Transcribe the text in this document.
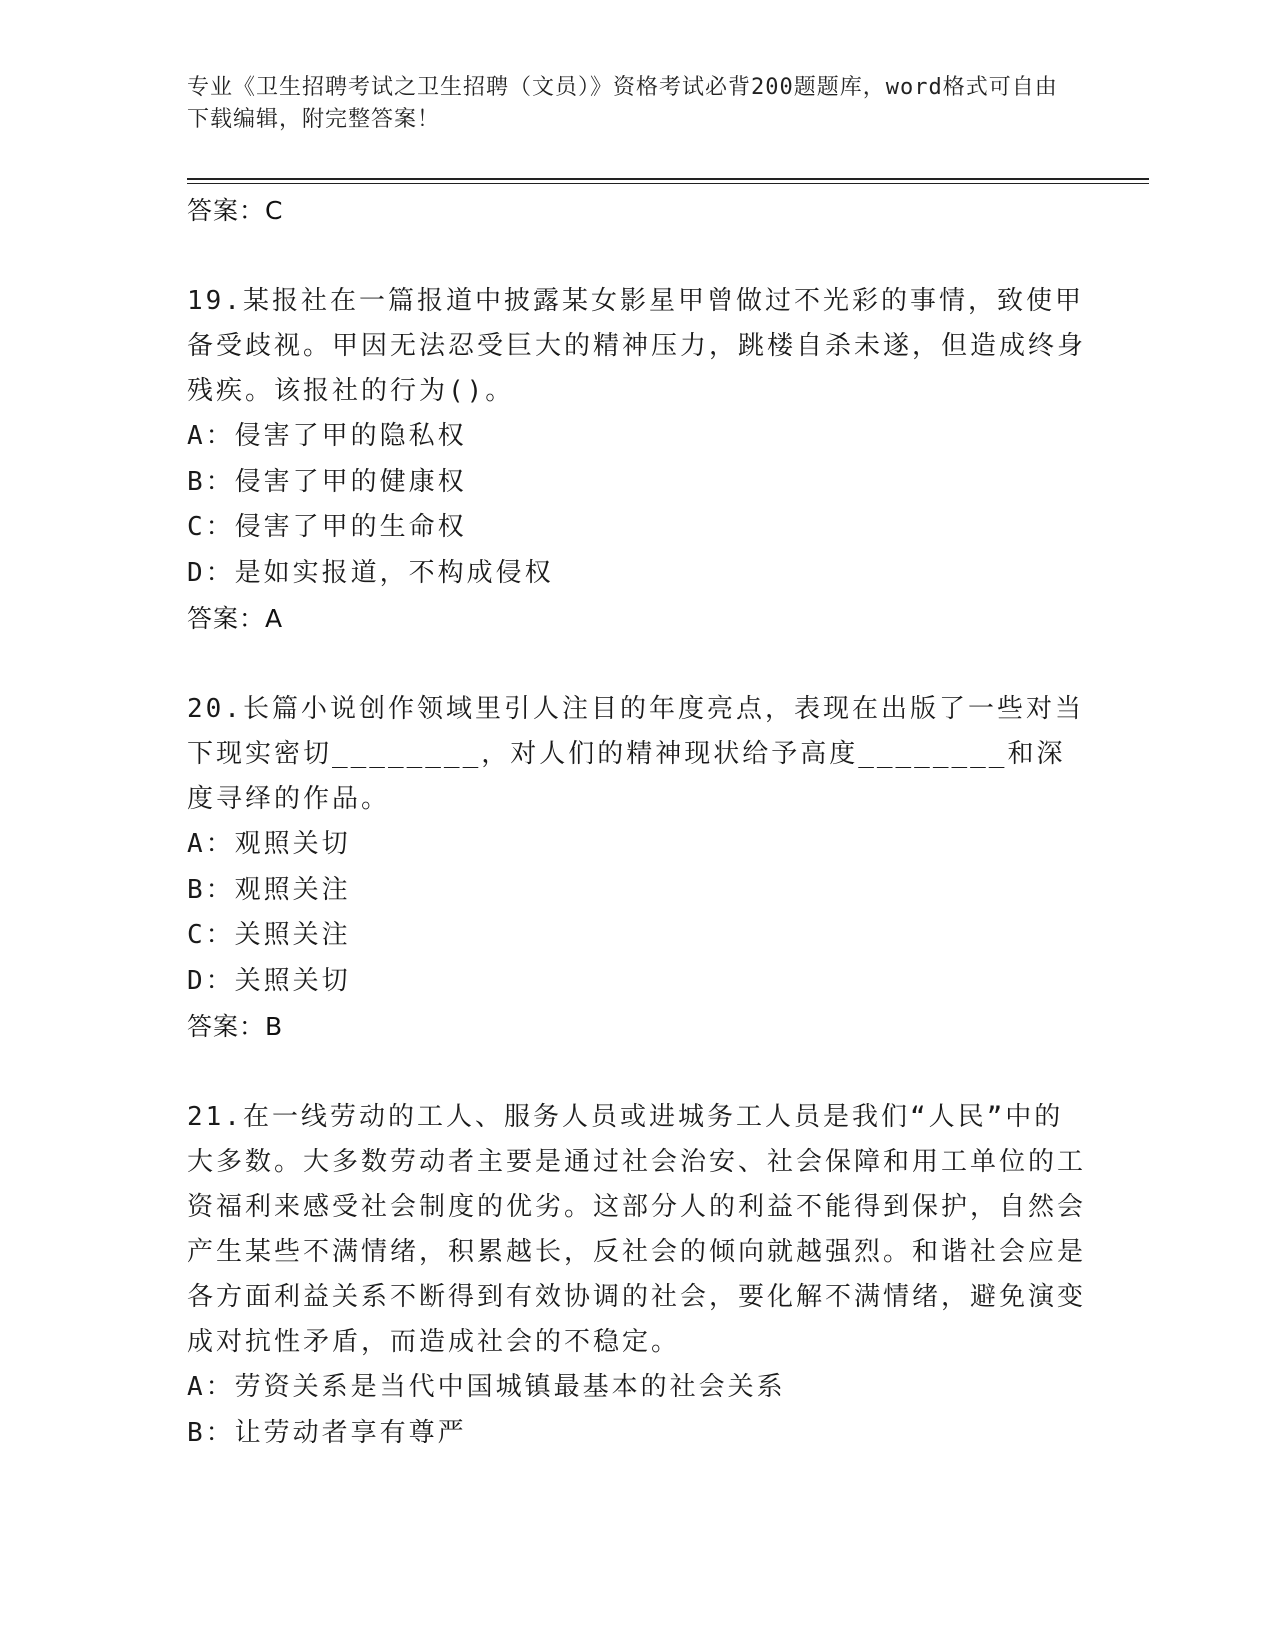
专业《卫生招聘考试之卫生招聘（文员）》资格考试必背200题题库，word格式可自由下载编辑，附完整答案！
答案：C
19.某报社在一篇报道中披露某女影星甲曾做过不光彩的事情，致使甲备受歧视。甲因无法忍受巨大的精神压力，跳楼自杀未遂，但造成终身残疾。该报社的行为()。
A：侵害了甲的隐私权
B：侵害了甲的健康权
C：侵害了甲的生命权
D：是如实报道，不构成侵权
答案：A
20.长篇小说创作领域里引人注目的年度亮点，表现在出版了一些对当下现实密切________，对人们的精神现状给予高度________和深度寻绎的作品。
A：观照关切
B：观照关注
C：关照关注
D：关照关切
答案：B
21.在一线劳动的工人、服务人员或进城务工人员是我们“人民”中的大多数。大多数劳动者主要是通过社会治安、社会保障和用工单位的工资福利来感受社会制度的优劣。这部分人的利益不能得到保护，自然会产生某些不满情绪，积累越长，反社会的倾向就越强烈。和谐社会应是各方面利益关系不断得到有效协调的社会，要化解不满情绪，避免演变成对抗性矛盾，而造成社会的不稳定。
A：劳资关系是当代中国城镇最基本的社会关系
B：让劳动者享有尊严
